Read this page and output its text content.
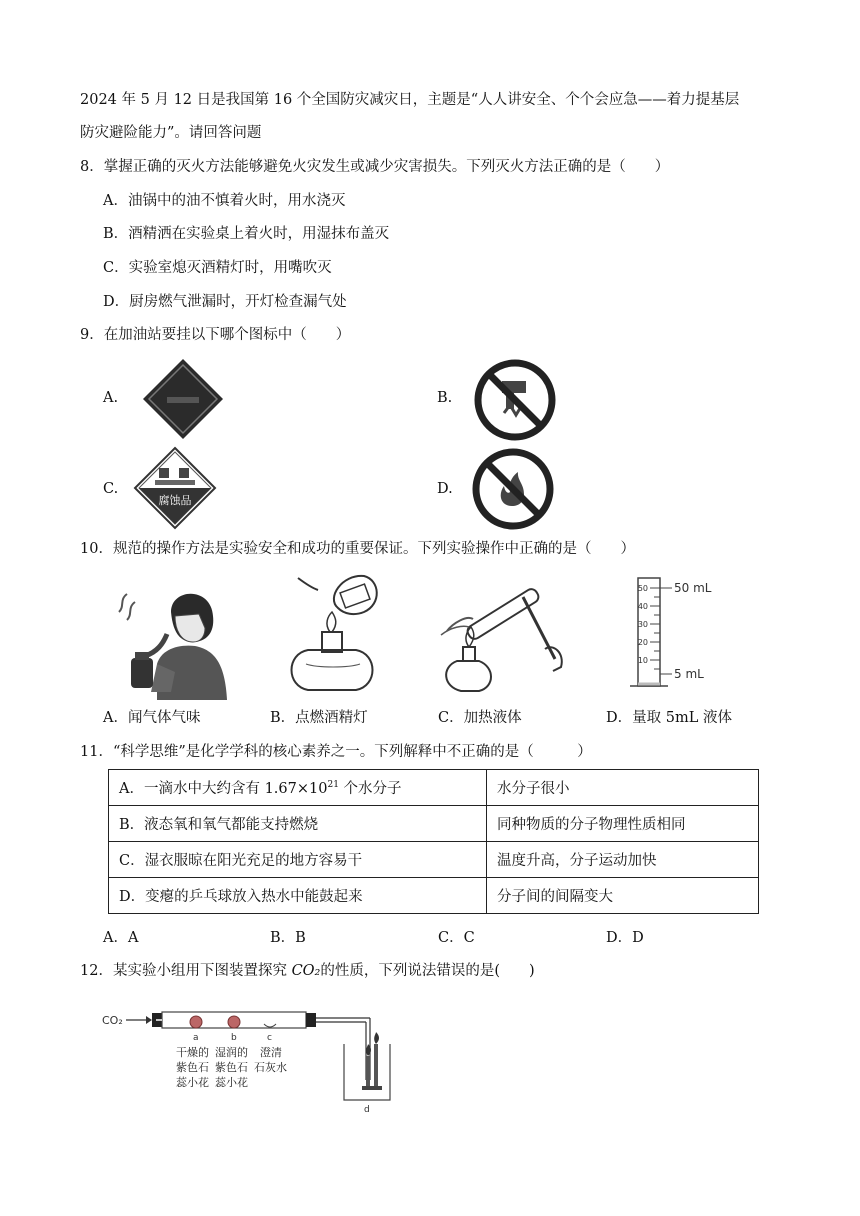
2024 年 5 月 12 日是我国第 16 个全国防灾减灾日，主题是“人人讲安全、个个会应急——着力提基层
防灾避险能力”。请回答问题
8．掌握正确的灭火方法能够避免火灾发生或减少灾害损失。下列灭火方法正确的是（　　）
A．油锅中的油不慎着火时，用水浇灭
B．酒精洒在实验桌上着火时，用湿抹布盖灭
C．实验室熄灭酒精灯时，用嘴吹灭
D．厨房燃气泄漏时，开灯检查漏气处
9．在加油站要挂以下哪个图标中（　　）
A.	B.
C.	D.
腐蚀品
10．规范的操作方法是实验安全和成功的重要保证。下列实验操作中正确的是（　　）
50
40
30
20
10
50 mL
5 mL
A．闻气体气味	B．点燃酒精灯	C．加热液体	D．量取 5mL 液体
11．“科学思维”是化学学科的核心素养之一。下列解释中不正确的是（　　　）
A．一滴水中大约含有 $1.67\times 10^{21}$ 个水分子	水分子很小
B．液态氧和氧气都能支持燃烧	同种物质的分子物理性质相同
C．湿衣服晾在阳光充足的地方容易干	温度升高，分子运动加快
D．变瘪的乒乓球放入热水中能鼓起来	分子间的间隔变大
A．A	B．B	C．C	D．D
12．某实验小组用下图装置探究 CO₂的性质，下列说法错误的是(　　)
CO₂
a	b	c
d
干燥的
紫色石
蕊小花
湿润的
紫色石
蕊小花
澄清
石灰水
